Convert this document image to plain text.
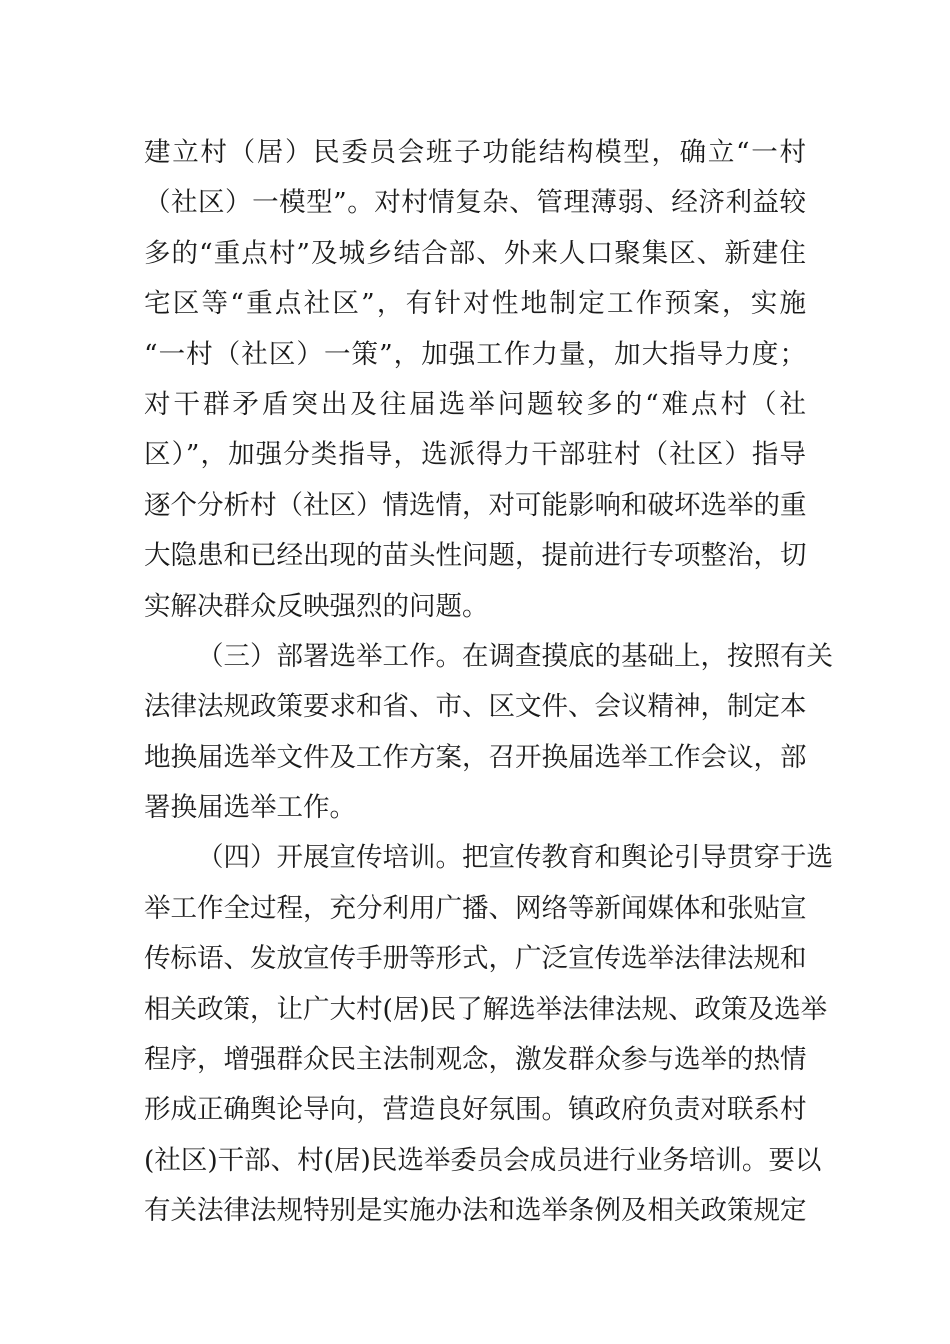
建立村（居）民委员会班子功能结构模型，确立“一村
（社区）一模型”。对村情复杂、管理薄弱、经济利益较
多的“重点村”及城乡结合部、外来人口聚集区、新建住
宅区等“重点社区”，有针对性地制定工作预案，实施
“一村（社区）一策”，加强工作力量，加大指导力度；
对干群矛盾突出及往届选举问题较多的“难点村（社
区）”，加强分类指导，选派得力干部驻村（社区）指导
逐个分析村（社区）情选情，对可能影响和破坏选举的重
大隐患和已经出现的苗头性问题，提前进行专项整治，切
实解决群众反映强烈的问题。
（三）部署选举工作。在调查摸底的基础上，按照有关
法律法规政策要求和省、市、区文件、会议精神，制定本
地换届选举文件及工作方案，召开换届选举工作会议，部
署换届选举工作。
（四）开展宣传培训。把宣传教育和舆论引导贯穿于选
举工作全过程，充分利用广播、网络等新闻媒体和张贴宣
传标语、发放宣传手册等形式，广泛宣传选举法律法规和
相关政策，让广大村(居)民了解选举法律法规、政策及选举
程序，增强群众民主法制观念，激发群众参与选举的热情
形成正确舆论导向，营造良好氛围。镇政府负责对联系村
(社区)干部、村(居)民选举委员会成员进行业务培训。要以
有关法律法规特别是实施办法和选举条例及相关政策规定
